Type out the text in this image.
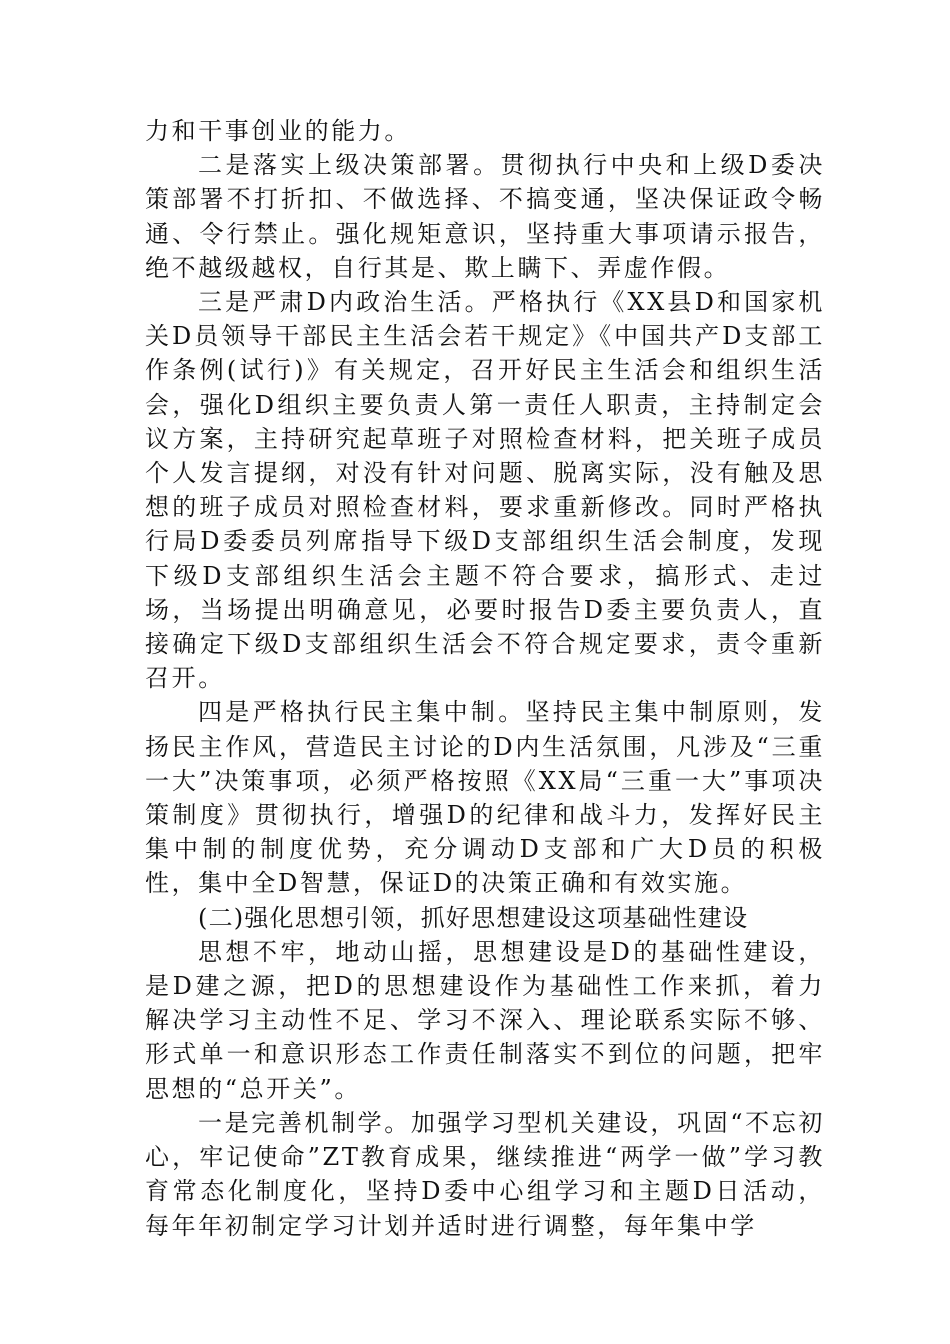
力和干事创业的能力。

二是落实上级决策部署。贯彻执行中央和上级D委决策部署不打折扣、不做选择、不搞变通，坚决保证政令畅通、令行禁止。强化规矩意识，坚持重大事项请示报告，绝不越级越权，自行其是、欺上瞒下、弄虚作假。

三是严肃D内政治生活。严格执行《XX县D和国家机关D员领导干部民主生活会若干规定》《中国共产D支部工作条例(试行)》有关规定，召开好民主生活会和组织生活会，强化D组织主要负责人第一责任人职责，主持制定会议方案，主持研究起草班子对照检查材料，把关班子成员个人发言提纲，对没有针对问题、脱离实际，没有触及思想的班子成员对照检查材料，要求重新修改。同时严格执行局D委委员列席指导下级D支部组织生活会制度，发现下级D支部组织生活会主题不符合要求，搞形式、走过场，当场提出明确意见，必要时报告D委主要负责人，直接确定下级D支部组织生活会不符合规定要求，责令重新召开。

四是严格执行民主集中制。坚持民主集中制原则，发扬民主作风，营造民主讨论的D内生活氛围，凡涉及“三重一大”决策事项，必须严格按照《XX局“三重一大”事项决策制度》贯彻执行，增强D的纪律和战斗力，发挥好民主集中制的制度优势，充分调动D支部和广大D员的积极性，集中全D智慧，保证D的决策正确和有效实施。

(二)强化思想引领，抓好思想建设这项基础性建设

思想不牢，地动山摇，思想建设是D的基础性建设，是D建之源，把D的思想建设作为基础性工作来抓，着力解决学习主动性不足、学习不深入、理论联系实际不够、形式单一和意识形态工作责任制落实不到位的问题，把牢思想的“总开关”。

一是完善机制学。加强学习型机关建设，巩固“不忘初心，牢记使命”ZT教育成果，继续推进“两学一做”学习教育常态化制度化，坚持D委中心组学习和主题D日活动，每年年初制定学习计划并适时进行调整，每年集中学
